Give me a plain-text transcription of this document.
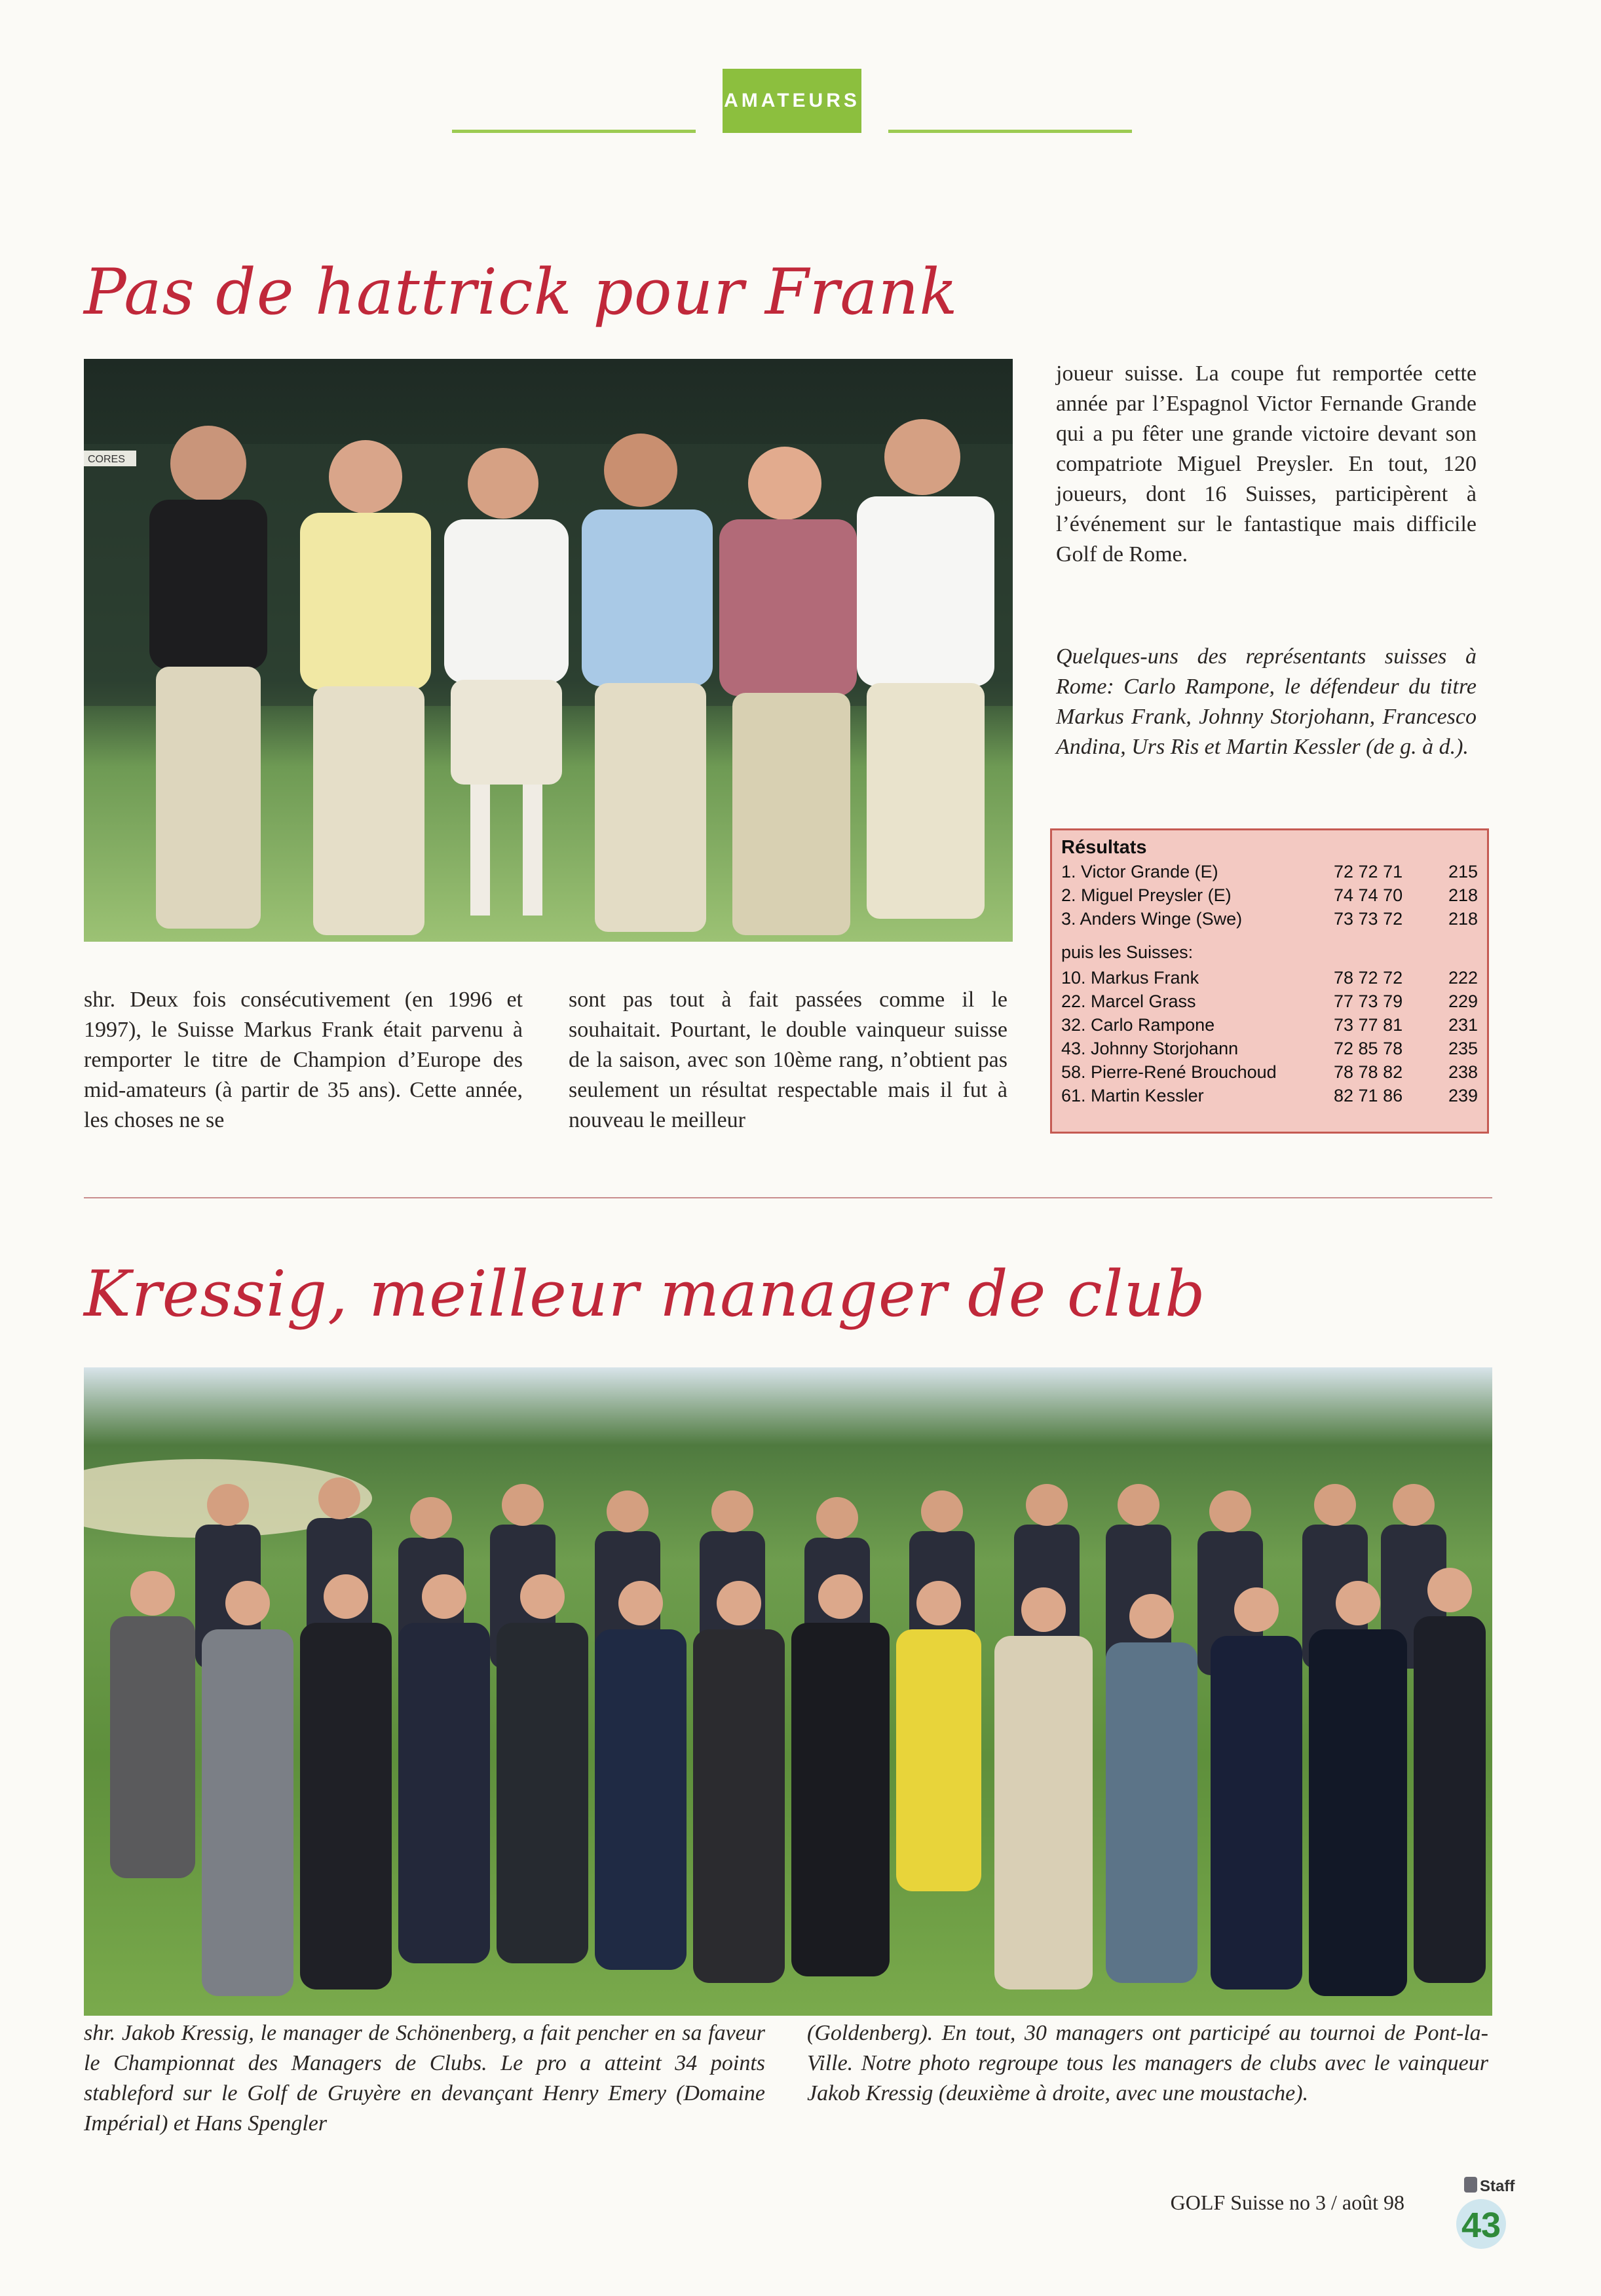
AMATEURS
Pas de hattrick pour Frank
CORES
shr. Deux fois consécutivement (en 1996 et 1997), le Suisse Markus Frank était parvenu à remporter le titre de Champion d’Europe des mid-amateurs (à partir de 35 ans). Cette année, les choses ne se
sont pas tout à fait passées comme il le souhaitait. Pourtant, le double vainqueur suisse de la saison, avec son 10ème rang, n’obtient pas seulement un résultat respectable mais il fut à nouveau le meilleur
joueur suisse. La coupe fut remportée cette année par l’Espagnol Victor Fernande Grande qui a pu fêter une grande victoire devant son compatriote Miguel Preysler. En tout, 120 joueurs, dont 16 Suisses, participèrent à l’événement sur le fantastique mais difficile Golf de Rome.
Quelques-uns des représentants suisses à Rome: Carlo Rampone, le défendeur du titre Markus Frank, Johnny Storjohann, Francesco Andina, Urs Ris et Martin Kessler (de g. à d.).
Résultats
1. Victor Grande (E)	72 72 71	215
2. Miguel Preysler (E)	74 74 70	218
3. Anders Winge (Swe)	73 73 72	218
puis les Suisses:
10. Markus Frank	78 72 72	222
22. Marcel Grass	77 73 79	229
32. Carlo Rampone	73 77 81	231
43. Johnny Storjohann	72 85 78	235
58. Pierre-René Brouchoud	78 78 82	238
61. Martin Kessler	82 71 86	239
Kressig, meilleur manager de club
shr. Jakob Kressig, le manager de Schönenberg, a fait pencher en sa faveur le Championnat des Managers de Clubs. Le pro a atteint 34 points stableford sur le Golf de Gruyère en devançant Henry Emery (Domaine Impérial) et Hans Spengler
(Goldenberg). En tout, 30 managers ont participé au tournoi de Pont-la-Ville. Notre photo regroupe tous les managers de clubs avec le vainqueur Jakob Kressig (deuxième à droite, avec une moustache).
GOLF Suisse no 3 / août 98
Staff
43
